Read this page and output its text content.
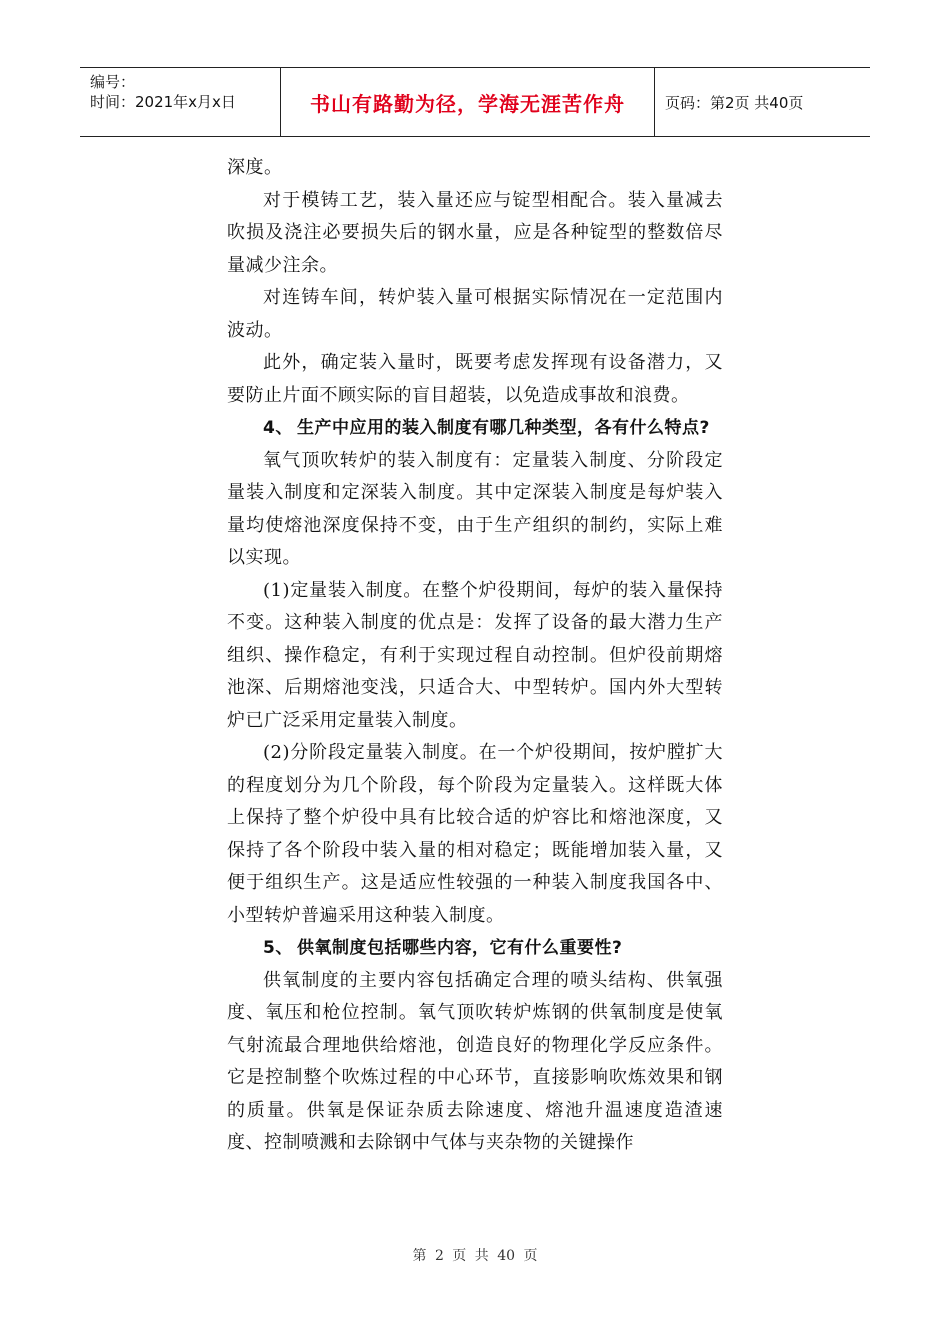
编号：
时间：2021年x月x日	书山有路勤为径，学海无涯苦作舟	页码：第2页 共40页

深度。

对于模铸工艺，装入量还应与锭型相配合。装入量减去吹损及浇注必要损失后的钢水量，应是各种锭型的整数倍尽量减少注余。

对连铸车间，转炉装入量可根据实际情况在一定范围内波动。

此外，确定装入量时，既要考虑发挥现有设备潜力，又要防止片面不顾实际的盲目超装，以免造成事故和浪费。

4、 生产中应用的装入制度有哪几种类型，各有什么特点?

氧气顶吹转炉的装入制度有：定量装入制度、分阶段定量装入制度和定深装入制度。其中定深装入制度是每炉装入量均使熔池深度保持不变，由于生产组织的制约，实际上难以实现。

(1)定量装入制度。在整个炉役期间，每炉的装入量保持不变。这种装入制度的优点是：发挥了设备的最大潜力生产组织、操作稳定，有利于实现过程自动控制。但炉役前期熔池深、后期熔池变浅，只适合大、中型转炉。国内外大型转炉已广泛采用定量装入制度。

(2)分阶段定量装入制度。在一个炉役期间，按炉膛扩大的程度划分为几个阶段，每个阶段为定量装入。这样既大体上保持了整个炉役中具有比较合适的炉容比和熔池深度，又保持了各个阶段中装入量的相对稳定；既能增加装入量，又便于组织生产。这是适应性较强的一种装入制度我国各中、小型转炉普遍采用这种装入制度。

5、 供氧制度包括哪些内容，它有什么重要性?

供氧制度的主要内容包括确定合理的喷头结构、供氧强度、氧压和枪位控制。氧气顶吹转炉炼钢的供氧制度是使氧气射流最合理地供给熔池，创造良好的物理化学反应条件。它是控制整个吹炼过程的中心环节，直接影响吹炼效果和钢的质量。供氧是保证杂质去除速度、熔池升温速度造渣速度、控制喷溅和去除钢中气体与夹杂物的关键操作

第 2 页 共 40 页
